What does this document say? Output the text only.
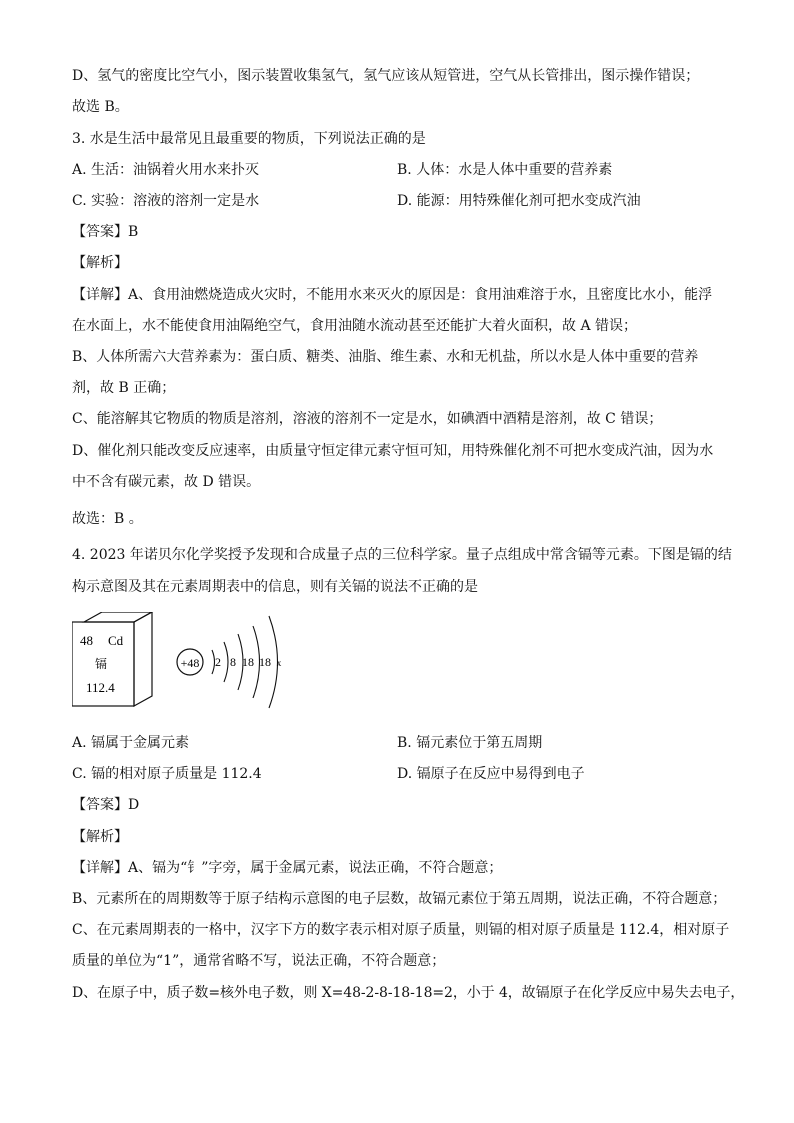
D、氢气的密度比空气小，图示装置收集氢气，氢气应该从短管进，空气从长管排出，图示操作错误；
故选 B。
3. 水是生活中最常见且最重要的物质，下列说法正确的是
A. 生活：油锅着火用水来扑灭	B. 人体：水是人体中重要的营养素
C. 实验：溶液的溶剂一定是水	D. 能源：用特殊催化剂可把水变成汽油
【答案】B
【解析】
【详解】A、食用油燃烧造成火灾时，不能用水来灭火的原因是：食用油难溶于水，且密度比水小，能浮
在水面上，水不能使食用油隔绝空气，食用油随水流动甚至还能扩大着火面积，故 A 错误；
B、人体所需六大营养素为：蛋白质、糖类、油脂、维生素、水和无机盐，所以水是人体中重要的营养
剂，故 B 正确；
C、能溶解其它物质的物质是溶剂，溶液的溶剂不一定是水，如碘酒中酒精是溶剂，故 C 错误；
D、催化剂只能改变反应速率，由质量守恒定律元素守恒可知，用特殊催化剂不可把水变成汽油，因为水
中不含有碳元素，故 D 错误。
故选：B 。
4. 2023 年诺贝尔化学奖授予发现和合成量子点的三位科学家。量子点组成中常含镉等元素。下图是镉的结
构示意图及其在元素周期表中的信息，则有关镉的说法不正确的是
48 Cd
镉
112.4
+48 2 8 18 18 x
A. 镉属于金属元素	B. 镉元素位于第五周期
C. 镉的相对原子质量是 112.4	D. 镉原子在反应中易得到电子
【答案】D
【解析】
【详解】A、镉为“钅”字旁，属于金属元素，说法正确，不符合题意；
B、元素所在的周期数等于原子结构示意图的电子层数，故镉元素位于第五周期，说法正确，不符合题意；
C、在元素周期表的一格中，汉字下方的数字表示相对原子质量，则镉的相对原子质量是 112.4，相对原子
质量的单位为“1”，通常省略不写，说法正确，不符合题意；
D、在原子中，质子数=核外电子数，则 X=48-2-8-18-18=2，小于 4，故镉原子在化学反应中易失去电子，
